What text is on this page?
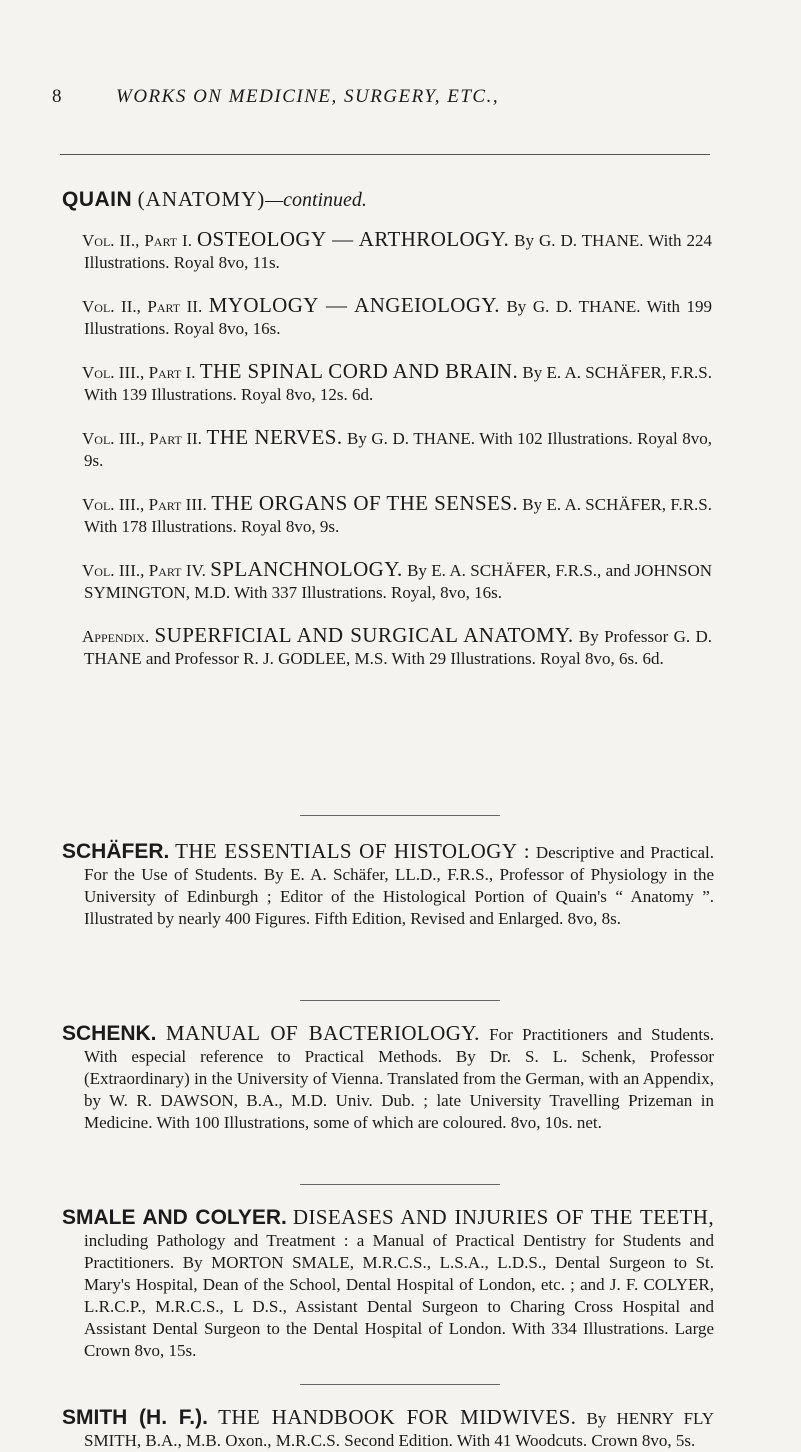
8	WORKS ON MEDICINE, SURGERY, ETC.,
QUAIN (ANATOMY)—continued.

Vol. II., Part I. OSTEOLOGY — ARTHROLOGY. By G. D. THANE. With 224 Illustrations. Royal 8vo, 11s.

Vol. II., Part II. MYOLOGY — ANGEIOLOGY. By G. D. THANE. With 199 Illustrations. Royal 8vo, 16s.

Vol. III., Part I. THE SPINAL CORD AND BRAIN. By E. A. SCHÄFER, F.R.S. With 139 Illustrations. Royal 8vo, 12s. 6d.

Vol. III., Part II. THE NERVES. By G. D. THANE. With 102 Illustrations. Royal 8vo, 9s.

Vol. III., Part III. THE ORGANS OF THE SENSES. By E. A. SCHÄFER, F.R.S. With 178 Illustrations. Royal 8vo, 9s.

Vol. III., Part IV. SPLANCHNOLOGY. By E. A. SCHÄFER, F.R.S., and JOHNSON SYMINGTON, M.D. With 337 Illustrations. Royal, 8vo, 16s.

Appendix. SUPERFICIAL AND SURGICAL ANATOMY. By Professor G. D. THANE and Professor R. J. GODLEE, M.S. With 29 Illustrations. Royal 8vo, 6s. 6d.

SCHÄFER. THE ESSENTIALS OF HISTOLOGY : Descriptive and Practical. For the Use of Students. By E. A. Schäfer, LL.D., F.R.S., Professor of Physiology in the University of Edinburgh ; Editor of the Histological Portion of Quain's “ Anatomy ”. Illustrated by nearly 400 Figures. Fifth Edition, Revised and Enlarged. 8vo, 8s.
SCHENK. MANUAL OF BACTERIOLOGY. For Practitioners and Students. With especial reference to Practical Methods. By Dr. S. L. Schenk, Professor (Extraordinary) in the University of Vienna. Translated from the German, with an Appendix, by W. R. DAWSON, B.A., M.D. Univ. Dub. ; late University Travelling Prizeman in Medicine. With 100 Illustrations, some of which are coloured. 8vo, 10s. net.
SMALE AND COLYER. DISEASES AND INJURIES OF THE TEETH, including Pathology and Treatment : a Manual of Practical Dentistry for Students and Practitioners. By MORTON SMALE, M.R.C.S., L.S.A., L.D.S., Dental Surgeon to St. Mary's Hospital, Dean of the School, Dental Hospital of London, etc. ; and J. F. COLYER, L.R.C.P., M.R.C.S., L D.S., Assistant Dental Surgeon to Charing Cross Hospital and Assistant Dental Surgeon to the Dental Hospital of London. With 334 Illustrations. Large Crown 8vo, 15s.
SMITH (H. F.). THE HANDBOOK FOR MIDWIVES. By HENRY FLY SMITH, B.A., M.B. Oxon., M.R.C.S. Second Edition. With 41 Woodcuts. Crown 8vo, 5s.
